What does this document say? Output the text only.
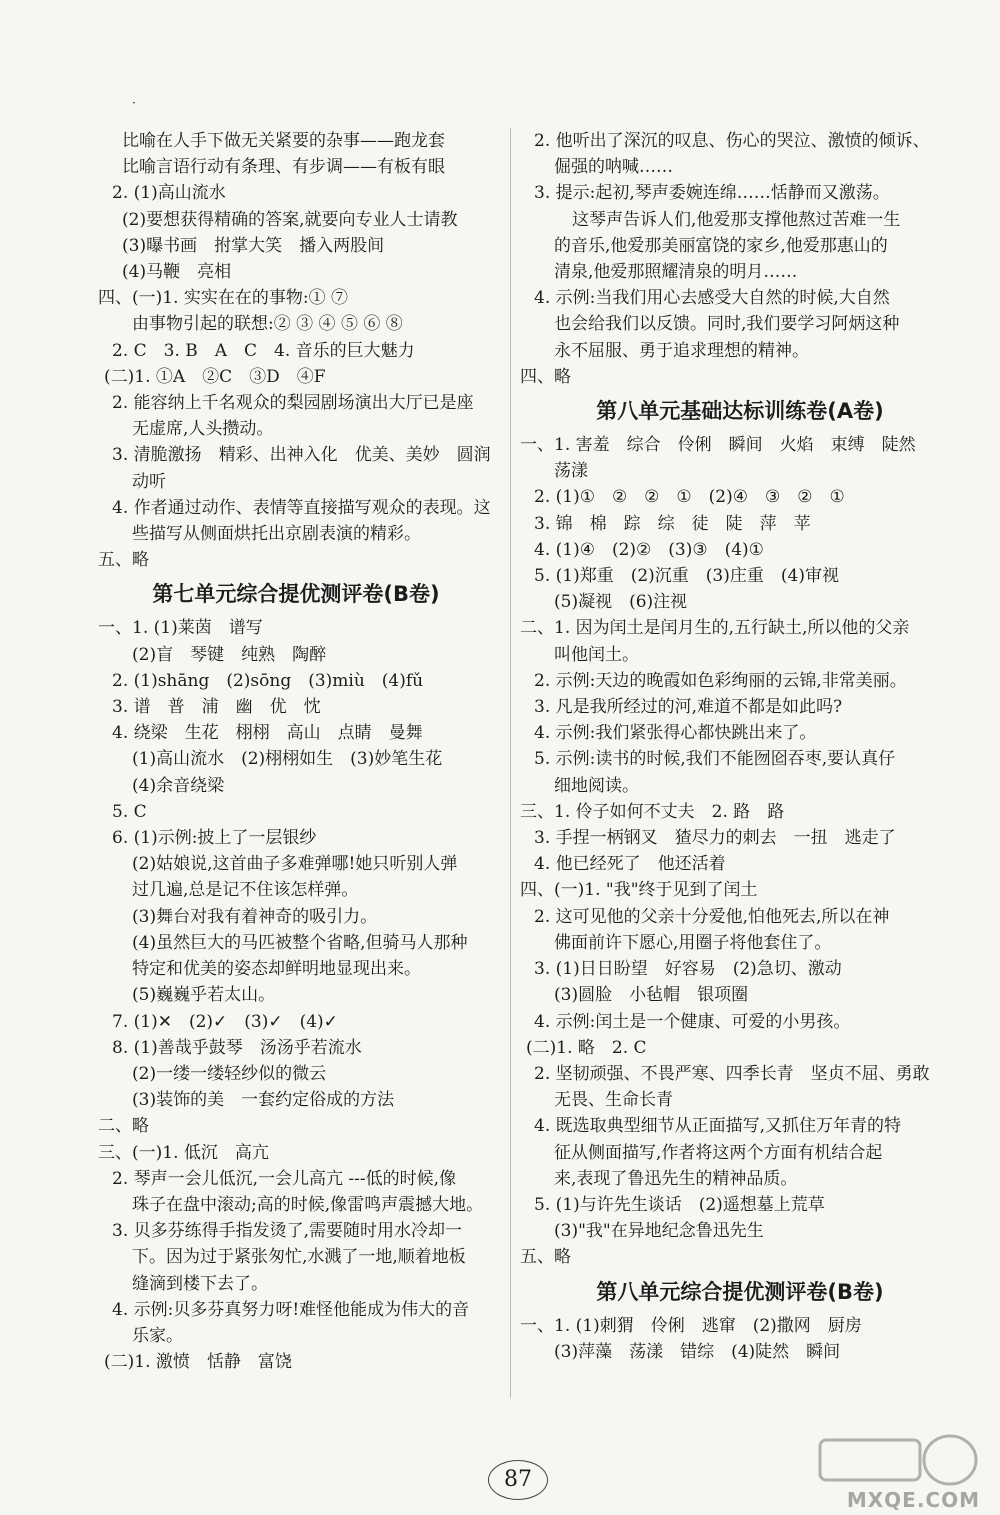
·
比喻在人手下做无关紧要的杂事——跑龙套
比喻言语行动有条理、有步调——有板有眼
2. (1)高山流水
(2)要想获得精确的答案,就要向专业人士请教
(3)曝书画　拊掌大笑　播入两股间
(4)马鞭　亮相
四、(一)1. 实实在在的事物:① ⑦
由事物引起的联想:② ③ ④ ⑤ ⑥ ⑧
2. C　3. B　A　C　4. 音乐的巨大魅力
(二)1. ①A　②C　③D　④F
2. 能容纳上千名观众的梨园剧场演出大厅已是座
无虚席,人头攒动。
3. 清脆激扬　精彩、出神入化　优美、美妙　圆润
动听
4. 作者通过动作、表情等直接描写观众的表现。这
些描写从侧面烘托出京剧表演的精彩。
五、略
第七单元综合提优测评卷(B卷)
一、1. (1)莱茵　谱写
(2)盲　琴键　纯熟　陶醉
2. (1)shāng　(2)sōng　(3)miù　(4)fǔ
3. 谱　普　浦　幽　优　忱
4. 绕梁　生花　栩栩　高山　点睛　曼舞
(1)高山流水　(2)栩栩如生　(3)妙笔生花
(4)余音绕梁
5. C
6. (1)示例:披上了一层银纱
(2)姑娘说,这首曲子多难弹哪!她只听别人弹
过几遍,总是记不住该怎样弹。
(3)舞台对我有着神奇的吸引力。
(4)虽然巨大的马匹被整个省略,但骑马人那种
特定和优美的姿态却鲜明地显现出来。
(5)巍巍乎若太山。
7. (1)✕　(2)✓　(3)✓　(4)✓
8. (1)善哉乎鼓琴　汤汤乎若流水
(2)一缕一缕轻纱似的微云
(3)装饰的美　一套约定俗成的方法
二、略
三、(一)1. 低沉　高亢
2. 琴声一会儿低沉,一会儿高亢 ---低的时候,像
珠子在盘中滚动;高的时候,像雷鸣声震撼大地。
3. 贝多芬练得手指发烫了,需要随时用水冷却一
下。因为过于紧张匆忙,水溅了一地,顺着地板
缝滴到楼下去了。
4. 示例:贝多芬真努力呀!难怪他能成为伟大的音
乐家。
(二)1. 激愤　恬静　富饶
2. 他听出了深沉的叹息、伤心的哭泣、激愤的倾诉、
倔强的呐喊……
3. 提示:起初,琴声委婉连绵……恬静而又激荡。
这琴声告诉人们,他爱那支撑他熬过苦难一生
的音乐,他爱那美丽富饶的家乡,他爱那惠山的
清泉,他爱那照耀清泉的明月……
4. 示例:当我们用心去感受大自然的时候,大自然
也会给我们以反馈。同时,我们要学习阿炳这种
永不屈服、勇于追求理想的精神。
四、略
第八单元基础达标训练卷(A卷)
一、1. 害羞　综合　伶俐　瞬间　火焰　束缚　陡然
荡漾
2. (1)①　②　②　①　(2)④　③　②　①
3. 锦　棉　踪　综　徒　陡　萍　苹
4. (1)④　(2)②　(3)③　(4)①
5. (1)郑重　(2)沉重　(3)庄重　(4)审视
(5)凝视　(6)注视
二、1. 因为闰土是闰月生的,五行缺土,所以他的父亲
叫他闰土。
2. 示例:天边的晚霞如色彩绚丽的云锦,非常美丽。
3. 凡是我所经过的河,难道不都是如此吗?
4. 示例:我们紧张得心都快跳出来了。
5. 示例:读书的时候,我们不能囫囵吞枣,要认真仔
细地阅读。
三、1. 伶子如何不丈夫　2. 路　路
3. 手捏一柄钢叉　猹尽力的刺去　一扭　逃走了
4. 他已经死了　他还活着
四、(一)1. "我"终于见到了闰土
2. 这可见他的父亲十分爱他,怕他死去,所以在神
佛面前许下愿心,用圈子将他套住了。
3. (1)日日盼望　好容易　(2)急切、激动
(3)圆脸　小毡帽　银项圈
4. 示例:闰土是一个健康、可爱的小男孩。
(二)1. 略　2. C
2. 坚韧顽强、不畏严寒、四季长青　坚贞不屈、勇敢
无畏、生命长青
4. 既选取典型细节从正面描写,又抓住万年青的特
征从侧面描写,作者将这两个方面有机结合起
来,表现了鲁迅先生的精神品质。
5. (1)与许先生谈话　(2)遥想墓上荒草
(3)"我"在异地纪念鲁迅先生
五、略
第八单元综合提优测评卷(B卷)
一、1. (1)刺猬　伶俐　逃窜　(2)撒网　厨房
(3)萍藻　荡漾　错综　(4)陡然　瞬间
87
MXQE.COM
